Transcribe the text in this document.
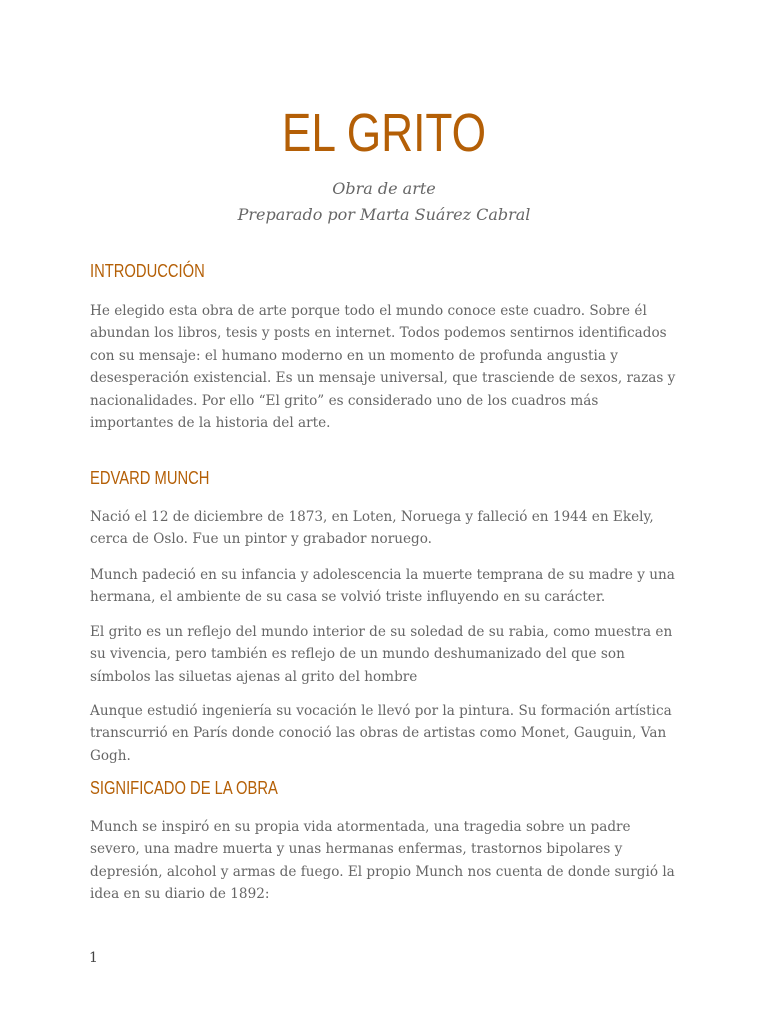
EL GRITO
Obra de arte
Preparado por Marta Suárez Cabral
INTRODUCCIÓN

He elegido esta obra de arte porque todo el mundo conoce este cuadro. Sobre él abundan los libros, tesis y posts en internet. Todos podemos sentirnos identificados con su mensaje: el humano moderno en un momento de profunda angustia y desesperación existencial. Es un mensaje universal, que trasciende de sexos, razas y nacionalidades. Por ello “El grito” es considerado uno de los cuadros más importantes de la historia del arte.

EDVARD MUNCH

Nació el 12 de diciembre de 1873, en Loten, Noruega y falleció en 1944 en Ekely, cerca de Oslo. Fue un pintor y grabador noruego.

Munch padeció en su infancia y adolescencia la muerte temprana de su madre y una hermana, el ambiente de su casa se volvió triste influyendo en su carácter.

El grito es un reflejo del mundo interior de su soledad de su rabia, como muestra en su vivencia, pero también es reflejo de un mundo deshumanizado del que son símbolos las siluetas ajenas al grito del hombre

Aunque estudió ingeniería su vocación le llevó por la pintura. Su formación artística transcurrió en París donde conoció las obras de artistas como Monet, Gauguin, Van Gogh.

SIGNIFICADO DE LA OBRA

Munch se inspiró en su propia vida atormentada, una tragedia sobre un padre severo, una madre muerta y unas hermanas enfermas, trastornos bipolares y depresión, alcohol y armas de fuego. El propio Munch nos cuenta de donde surgió la idea en su diario de 1892:

1
